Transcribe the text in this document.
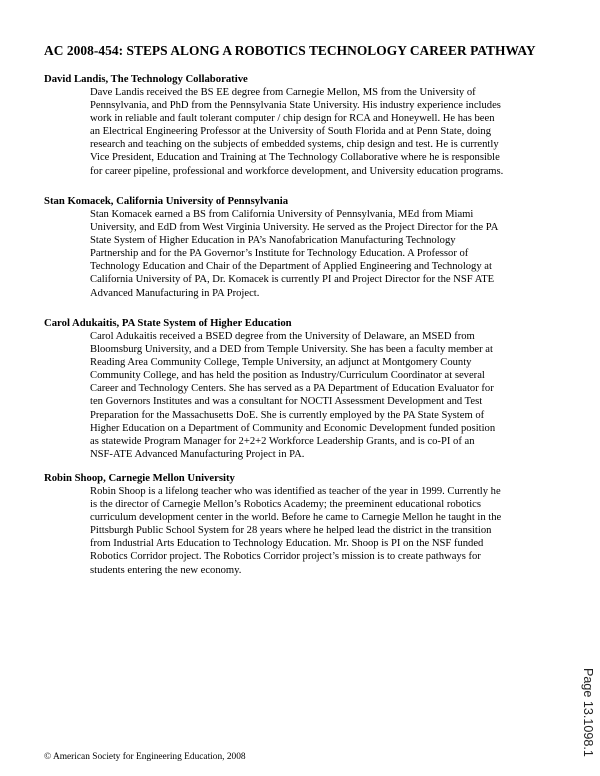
AC 2008-454: STEPS ALONG A ROBOTICS TECHNOLOGY CAREER PATHWAY
David Landis, The Technology Collaborative
Dave Landis received the BS EE degree from Carnegie Mellon, MS from the University of
Pennsylvania, and PhD from the Pennsylvania State University. His industry experience includes
work in reliable and fault tolerant computer / chip design for RCA and Honeywell. He has been
an Electrical Engineering Professor at the University of South Florida and at Penn State, doing
research and teaching on the subjects of embedded systems, chip design and test. He is currently
Vice President, Education and Training at The Technology Collaborative where he is responsible
for career pipeline, professional and workforce development, and University education programs.
Stan Komacek, California University of Pennsylvania
Stan Komacek earned a BS from California University of Pennsylvania, MEd from Miami
University, and EdD from West Virginia University. He served as the Project Director for the PA
State System of Higher Education in PA’s Nanofabrication Manufacturing Technology
Partnership and for the PA Governor’s Institute for Technology Education. A Professor of
Technology Education and Chair of the Department of Applied Engineering and Technology at
California University of PA, Dr. Komacek is currently PI and Project Director for the NSF ATE
Advanced Manufacturing in PA Project.
Carol Adukaitis, PA State System of Higher Education
Carol Adukaitis received a BSED degree from the University of Delaware, an MSED from
Bloomsburg University, and a DED from Temple University. She has been a faculty member at
Reading Area Community College, Temple University, an adjunct at Montgomery County
Community College, and has held the position as Industry/Curriculum Coordinator at several
Career and Technology Centers. She has served as a PA Department of Education Evaluator for
ten Governors Institutes and was a consultant for NOCTI Assessment Development and Test
Preparation for the Massachusetts DoE. She is currently employed by the PA State System of
Higher Education on a Department of Community and Economic Development funded position
as statewide Program Manager for 2+2+2 Workforce Leadership Grants, and is co-PI of an
NSF-ATE Advanced Manufacturing Project in PA.
Robin Shoop, Carnegie Mellon University
Robin Shoop is a lifelong teacher who was identified as teacher of the year in 1999. Currently he
is the director of Carnegie Mellon’s Robotics Academy; the preeminent educational robotics
curriculum development center in the world. Before he came to Carnegie Mellon he taught in the
Pittsburgh Public School System for 28 years where he helped lead the district in the transition
from Industrial Arts Education to Technology Education. Mr. Shoop is PI on the NSF funded
Robotics Corridor project. The Robotics Corridor project’s mission is to create pathways for
students entering the new economy.
Page 13.1098.1
© American Society for Engineering Education, 2008
